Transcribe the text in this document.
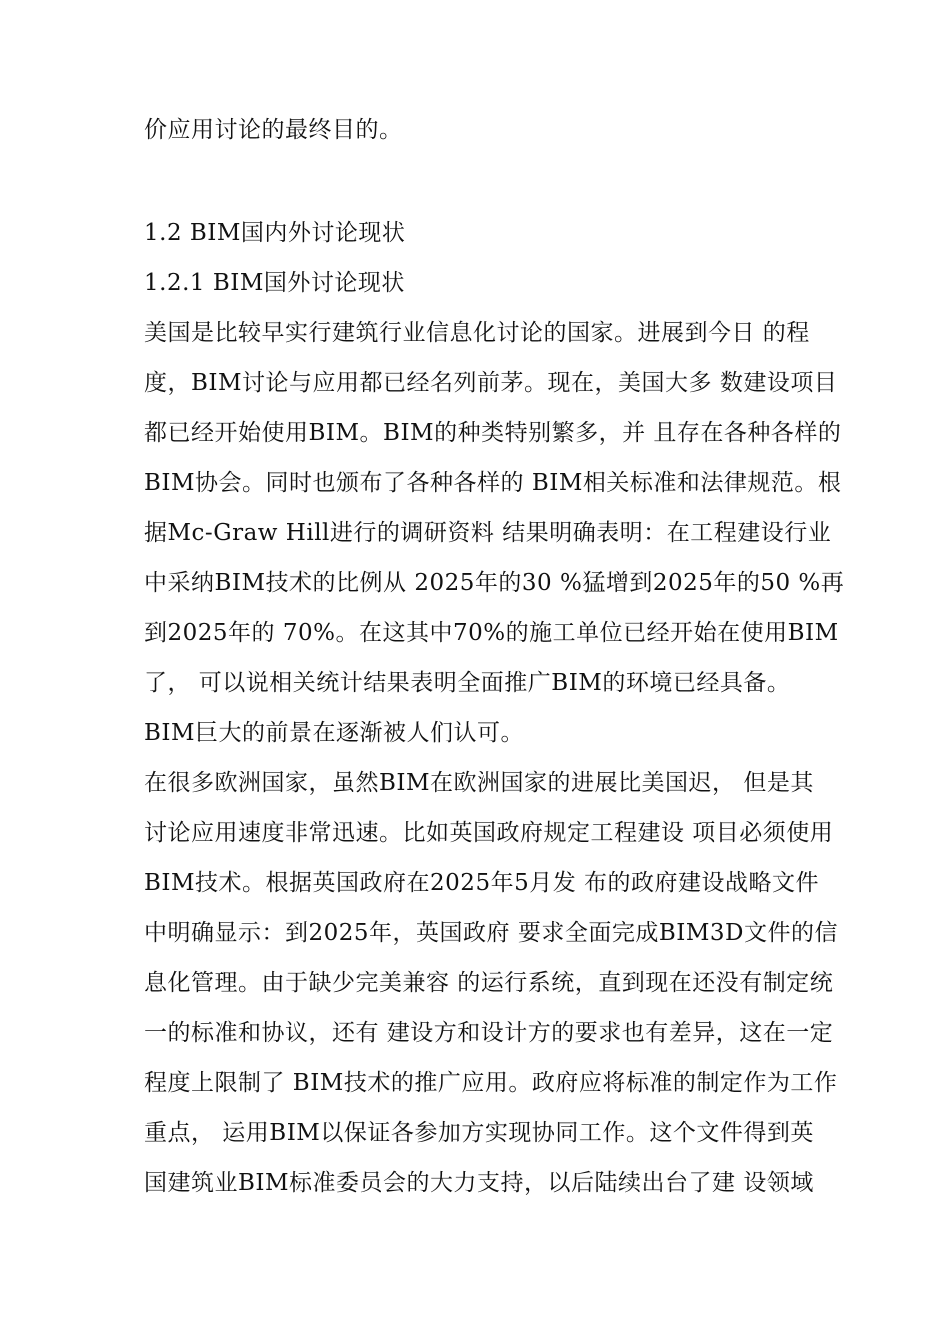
价应用讨论的最终目的。
1.2 BIM国内外讨论现状
1.2.1 BIM国外讨论现状
美国是比较早实行建筑行业信息化讨论的国家。进展到今日 的程
度，BIM讨论与应用都已经名列前茅。现在，美国大多 数建设项目
都已经开始使用BIM。BIM的种类特别繁多，并 且存在各种各样的
BIM协会。同时也颁布了各种各样的 BIM相关标准和法律规范。根
据Mc-Graw Hill进行的调研资料 结果明确表明：在工程建设行业
中采纳BIM技术的比例从 2025年的30 %猛增到2025年的50 %再
到2025年的 70%。在这其中70%的施工单位已经开始在使用BIM
了， 可以说相关统计结果表明全面推广BIM的环境已经具备。
BIM巨大的前景在逐渐被人们认可。
在很多欧洲国家，虽然BIM在欧洲国家的进展比美国迟， 但是其
讨论应用速度非常迅速。比如英国政府规定工程建设 项目必须使用
BIM技术。根据英国政府在2025年5月发 布的政府建设战略文件
中明确显示：到2025年，英国政府 要求全面完成BIM3D文件的信
息化管理。由于缺少完美兼容 的运行系统，直到现在还没有制定统
一的标准和协议，还有 建设方和设计方的要求也有差异，这在一定
程度上限制了 BIM技术的推广应用。政府应将标准的制定作为工作
重点， 运用BIM以保证各参加方实现协同工作。这个文件得到英
国建筑业BIM标准委员会的大力支持，以后陆续出台了建 设领域
